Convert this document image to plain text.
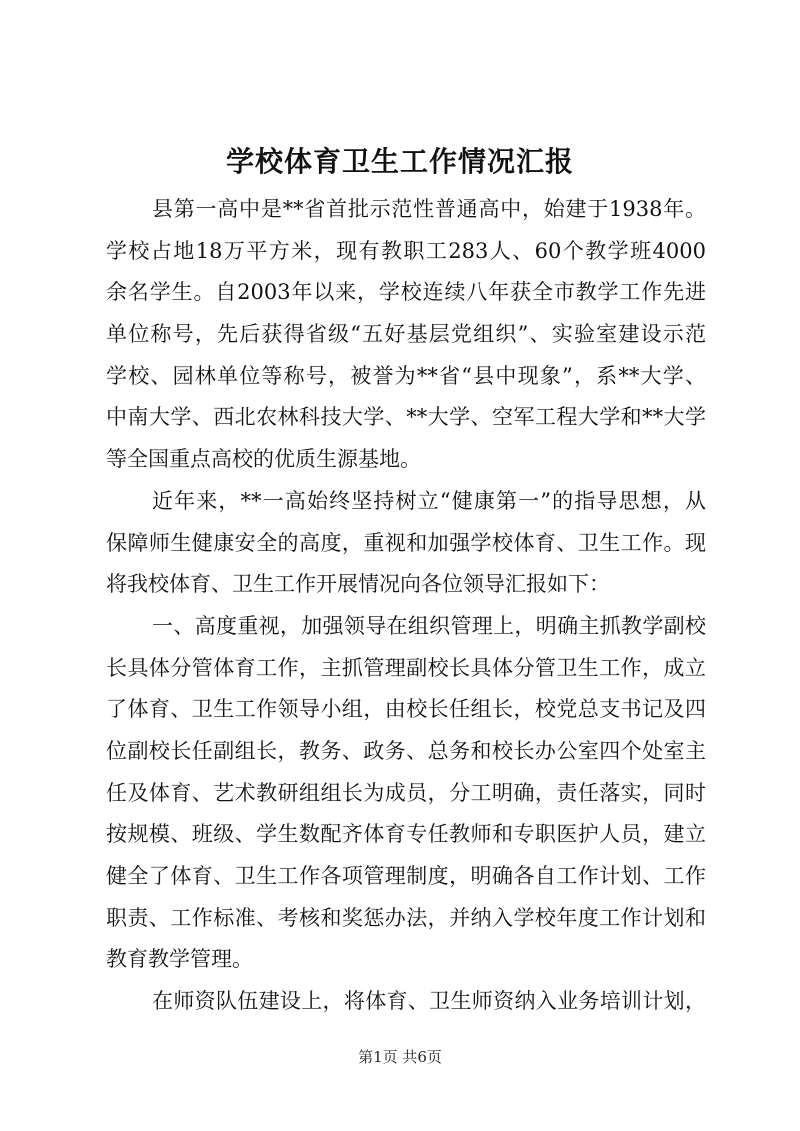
学校体育卫生工作情况汇报
县第一高中是**省首批示范性普通高中，始建于1938年。
学校占地18万平方米，现有教职工283人、60个教学班4000
余名学生。自2003年以来，学校连续八年获全市教学工作先进
单位称号，先后获得省级“五好基层党组织”、实验室建设示范
学校、园林单位等称号，被誉为**省“县中现象”，系**大学、
中南大学、西北农林科技大学、**大学、空军工程大学和**大学
等全国重点高校的优质生源基地。
近年来，**一高始终坚持树立“健康第一”的指导思想，从
保障师生健康安全的高度，重视和加强学校体育、卫生工作。现
将我校体育、卫生工作开展情况向各位领导汇报如下：
一、高度重视，加强领导在组织管理上，明确主抓教学副校
长具体分管体育工作，主抓管理副校长具体分管卫生工作，成立
了体育、卫生工作领导小组，由校长任组长，校党总支书记及四
位副校长任副组长，教务、政务、总务和校长办公室四个处室主
任及体育、艺术教研组组长为成员，分工明确，责任落实，同时
按规模、班级、学生数配齐体育专任教师和专职医护人员，建立
健全了体育、卫生工作各项管理制度，明确各自工作计划、工作
职责、工作标准、考核和奖惩办法，并纳入学校年度工作计划和
教育教学管理。
在师资队伍建设上，将体育、卫生师资纳入业务培训计划，
第1页 共6页
